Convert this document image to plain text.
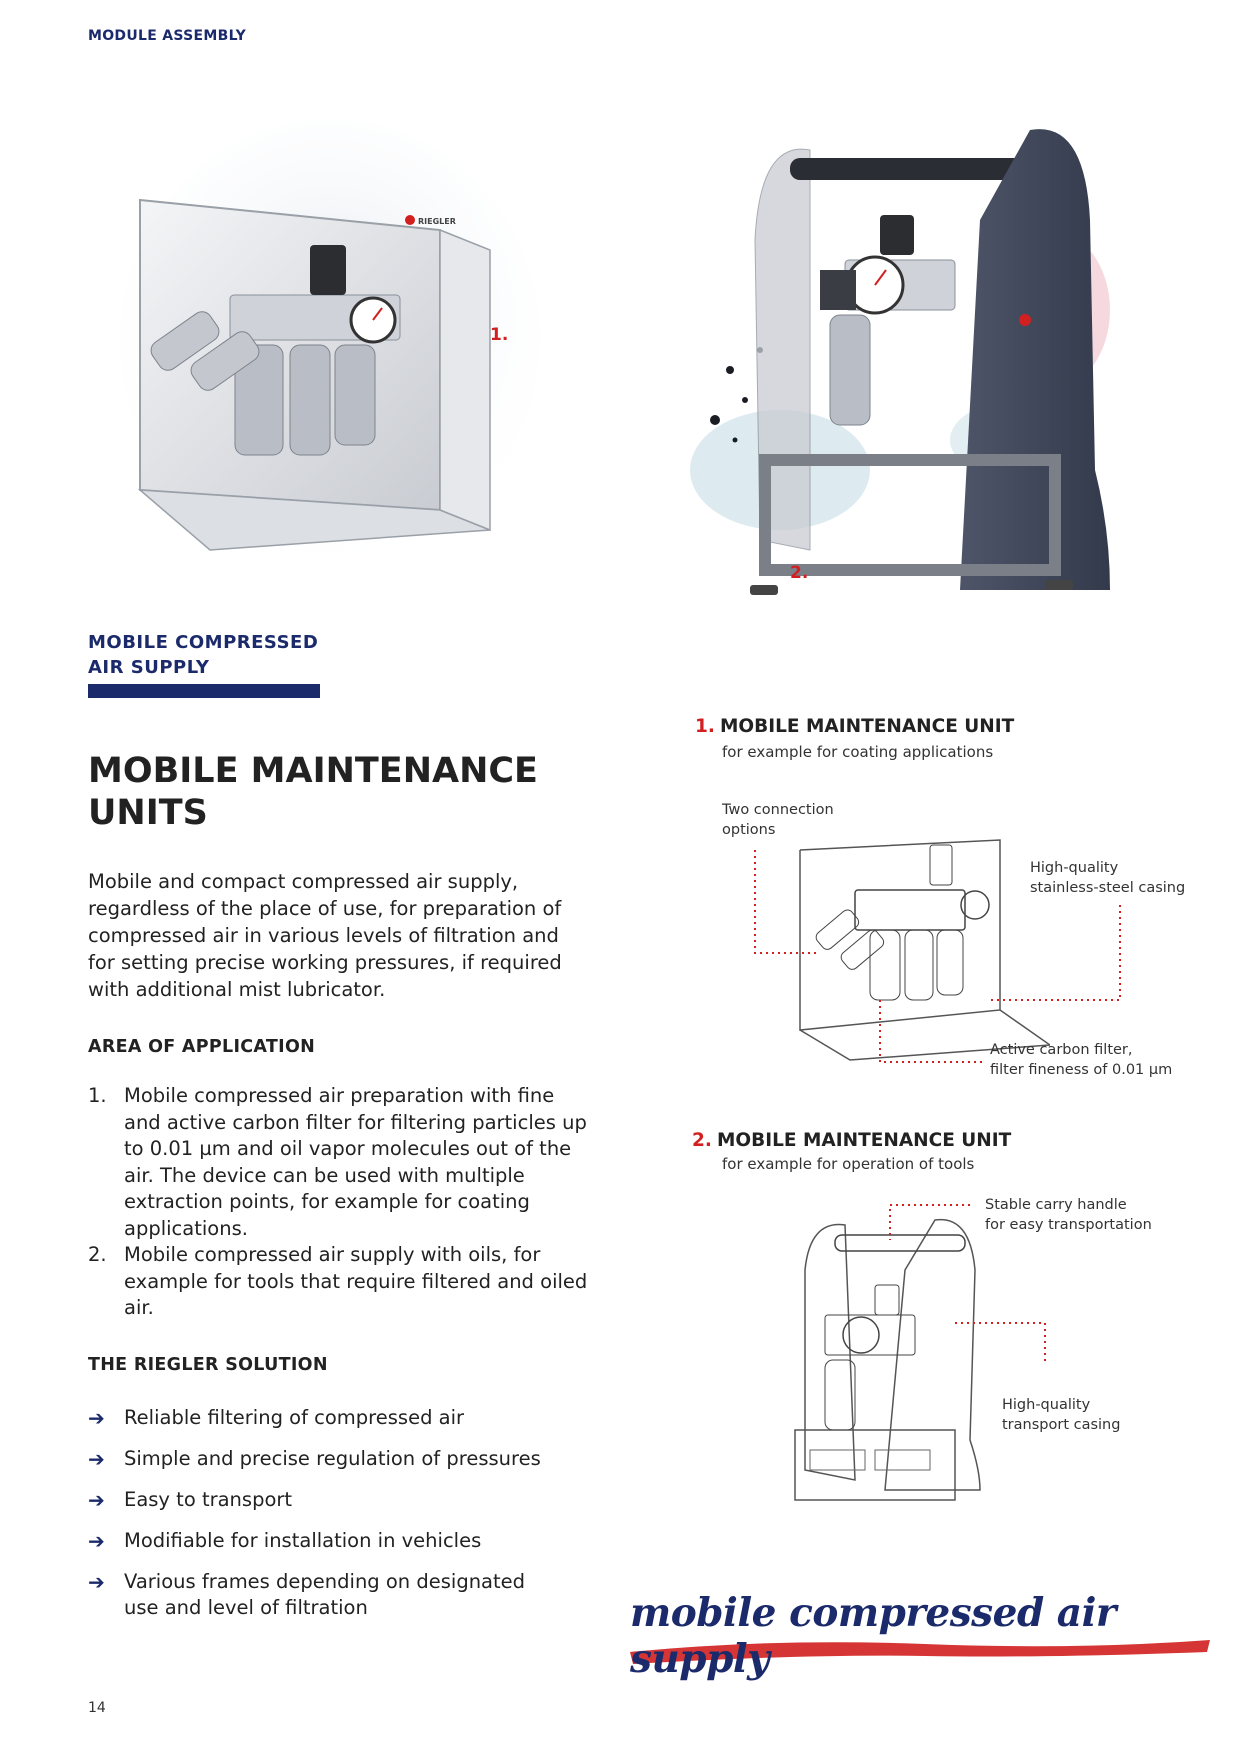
MODULE ASSEMBLY
RIEGLER
1.
2.
MOBILE COMPRESSED
AIR SUPPLY
MOBILE MAINTENANCE
UNITS
Mobile and compact compressed air supply, regardless of the place of use, for preparation of compressed air in various levels of filtration and for setting precise working pressures, if required with additional mist lubricator.
AREA OF APPLICATION
1. Mobile compressed air preparation with fine and active carbon filter for filtering particles up to 0.01 µm and oil vapor molecules out of the air. The device can be used with multiple extraction points, for example for coating applications.
2. Mobile compressed air supply with oils, for example for tools that require filtered and oiled air.
THE RIEGLER SOLUTION
➔ Reliable filtering of compressed air
➔ Simple and precise regulation of pressures
➔ Easy to transport
➔ Modifiable for installation in vehicles
➔ Various frames depending on designated use and level of filtration
1. MOBILE MAINTENANCE UNIT
for example for coating applications
Two connection
options
High-quality
stainless-steel casing
Active carbon filter,
filter fineness of 0.01 µm
2. MOBILE MAINTENANCE UNIT
for example for operation of tools
Stable carry handle
for easy transportation
High-quality
transport casing
mobile compressed air supply
14
